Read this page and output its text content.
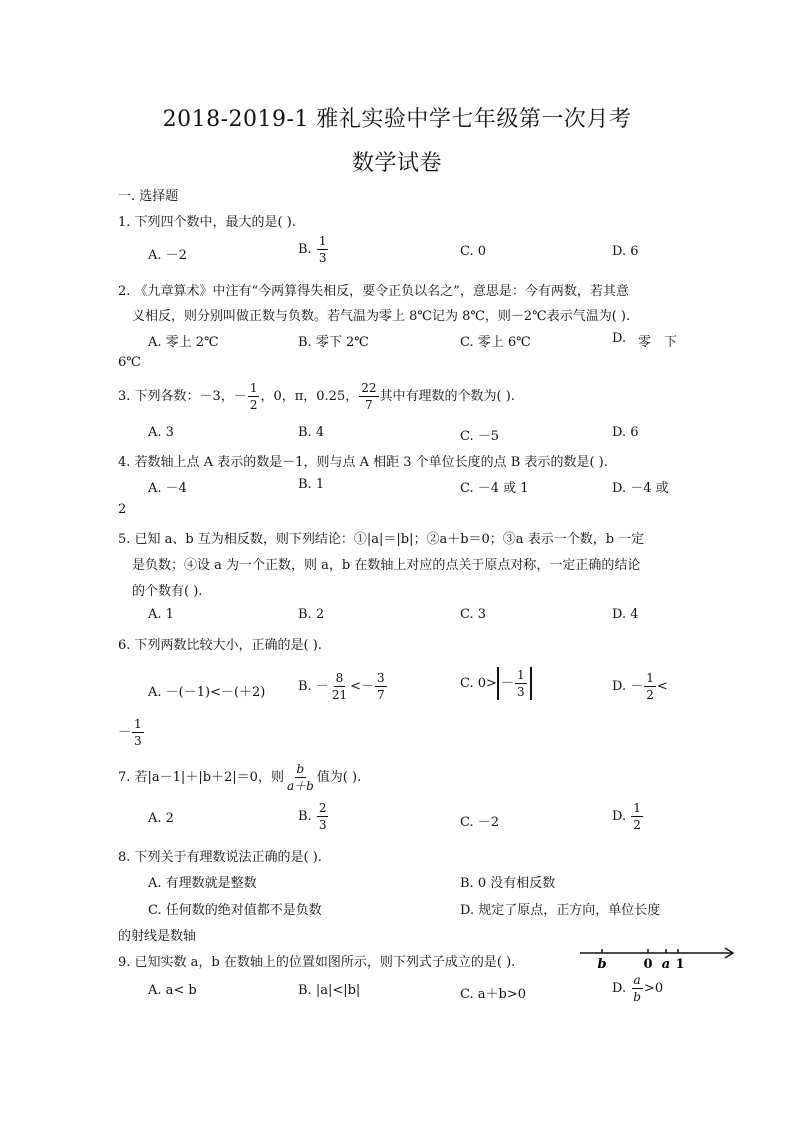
2018-2019-1 雅礼实验中学七年级第一次月考
数学试卷
一. 选择题
1. 下列四个数中，最大的是( ).
A. －2	B. $\frac{1}{3}$	C. 0	D. 6
2. 《九章算术》中注有“今两算得失相反，要令正负以名之”，意思是：今有两数，若其意
义相反，则分别叫做正数与负数。若气温为零上 8℃记为 8℃，则－2℃表示气温为( ).
A. 零上 2℃	B. 零下 2℃	C. 零上 6℃	D. 零 下
6℃
3. 下列各数：－3，－ $\frac{1}{2}$ ，0，π，0.25， $\frac{22}{7}$ 其中有理数的个数为( ).
A. 3	B. 4	C. －5	D. 6
4. 若数轴上点 A 表示的数是－1，则与点 A 相距 3 个单位长度的点 B 表示的数是( ).
A. －4	B. 1	C. －4 或 1	D. －4 或
2
5. 已知 a、b 互为相反数，则下列结论：①|a|＝|b|；②a＋b＝0；③a 表示一个数，b 一定
是负数；④设 a 为一个正数，则 a，b 在数轴上对应的点关于原点对称，一定正确的结论
的个数有( ).
A. 1	B. 2	C. 3	D. 4
6. 下列两数比较大小，正确的是( ).
A. －(－1)<－(＋2)	B. － $\frac{8}{21} <- \frac{3}{7}$	C. $0> - \frac{1}{3}$	D. － $\frac{1}{2}$ <
－ $\frac{1}{3}$
7. 若|a－1|＋|b＋2|＝0，则 $\frac{b}{a+b}$ 值为( ).
A. 2	B. $\frac{2}{3}$	C. －2	D. $\frac{1}{2}$
8. 下列关于有理数说法正确的是( ).
A. 有理数就是整数	B. 0 没有相反数
C. 任何数的绝对值都不是负数	D. 规定了原点，正方向，单位长度
的射线是数轴
9. 已知实数 a，b 在数轴上的位置如图所示，则下列式子成立的是( ).	b	0 a 1
A. a< b	B. |a|<|b|	C. a＋b>0	D. $\frac{a}{b} >0$
